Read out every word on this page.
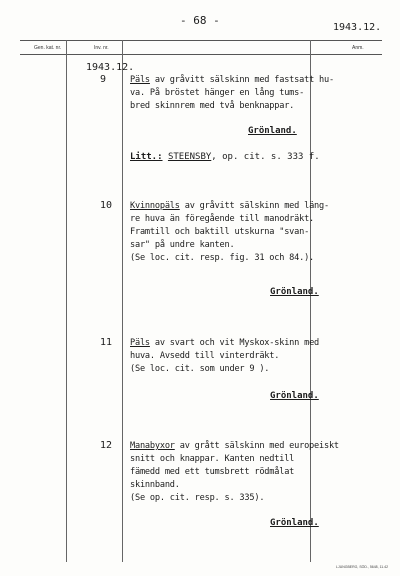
- 68 -
1943.12.
Gen. kat. nr.	Inv. nr.	Anm.
1943.12.
9	Päls av gråvitt sälskinn med fastsatt hu-
va. På bröstet hänger en lång tums-
bred skinnrem med två benknappar.
Grönland.
Litt.: STEENSBY, op. cit. s. 333 f.
10 Kvinnopäls av gråvitt sälskinn med läng-
re huva än föregående till manodräkt.
Framtill och baktill utskurna "svan-
sar" på undre kanten.
(Se loc. cit. resp. fig. 31 och 84.).
Grönland.
11 Päls av svart och vit Myskox-skinn med
huva. Avsedd till vinterdräkt.
(Se loc. cit. som under 9 ).
Grönland.
12 Manabyxor av grått sälskinn med europeiskt
snitt och knappar. Kanten nedtill
fämedd med ett tumsbrett rödmålat
skinnband.
(Se op. cit. resp. s. 335).
Grönland.
LJUNGBERG, SÖD., 5648, 11.42
